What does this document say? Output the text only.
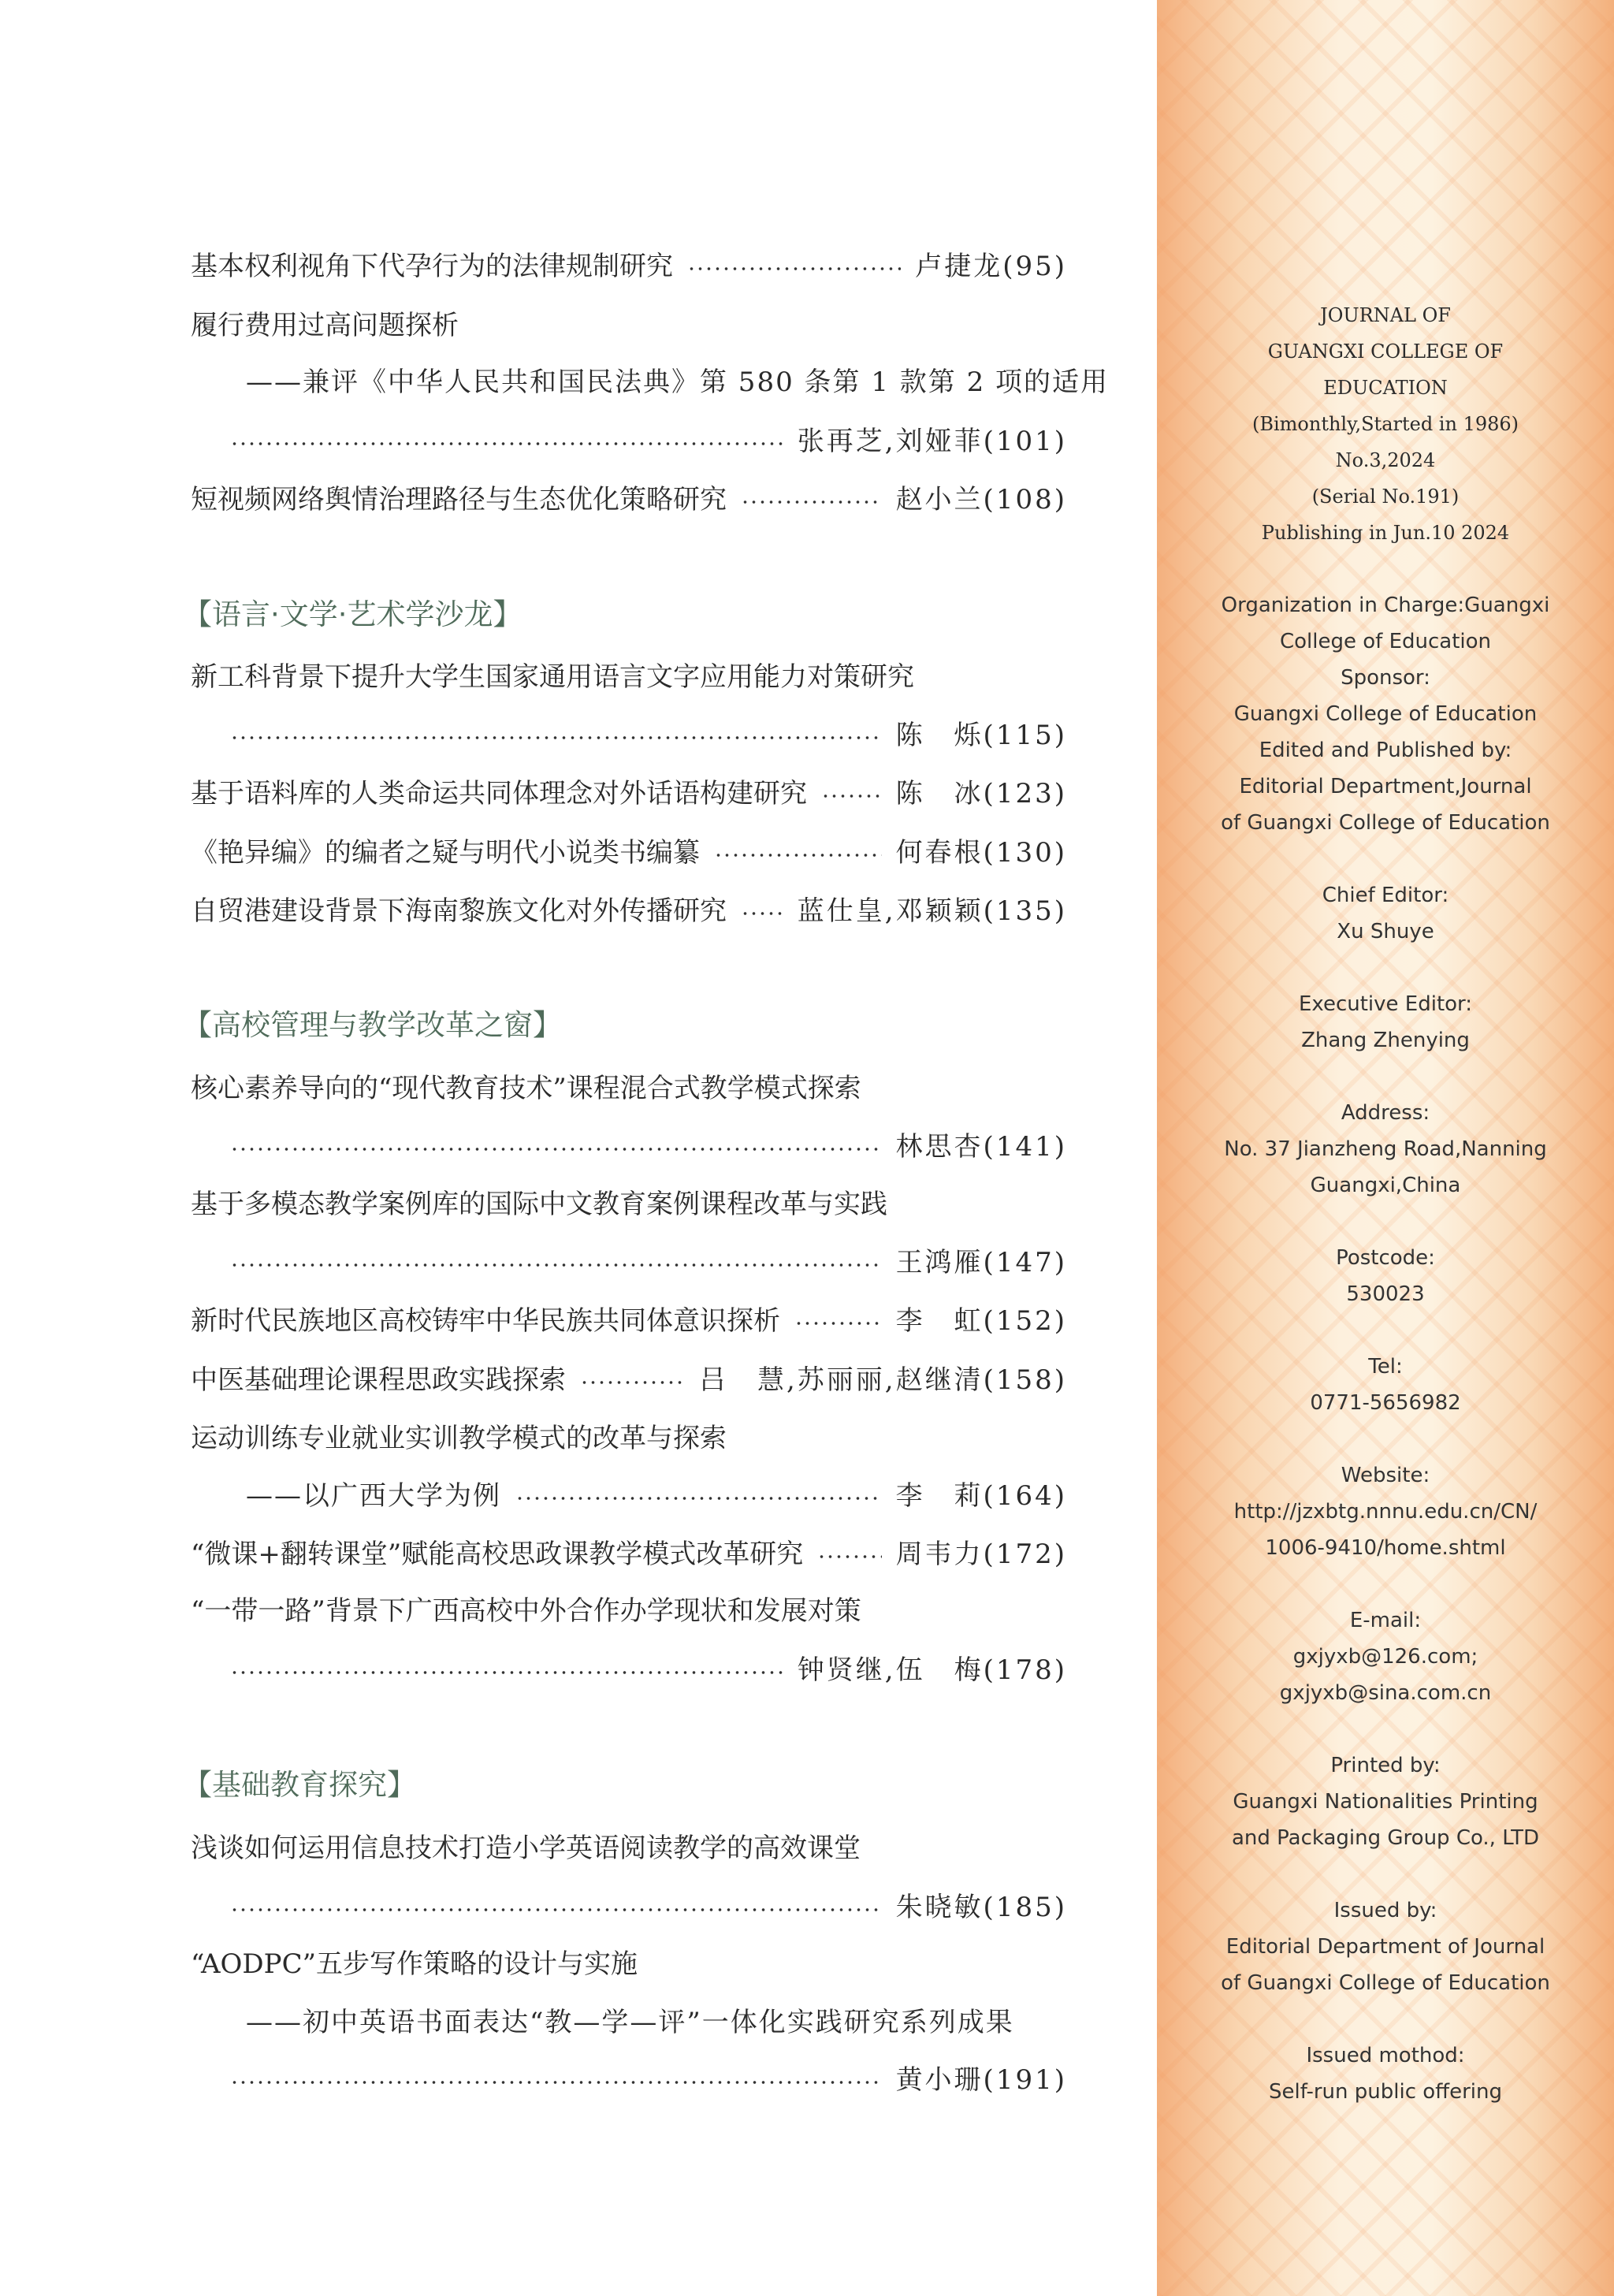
基本权利视角下代孕行为的法律规制研究	卢捷龙(95)
履行费用过高问题探析
——兼评《中华人民共和国民法典》第 580 条第 1 款第 2 项的适用
张再芝,刘娅菲(101)
短视频网络舆情治理路径与生态优化策略研究	赵小兰(108)
【语言·文学·艺术学沙龙】
新工科背景下提升大学生国家通用语言文字应用能力对策研究
陈　烁(115)
基于语料库的人类命运共同体理念对外话语构建研究	陈　冰(123)
《艳异编》的编者之疑与明代小说类书编纂	何春根(130)
自贸港建设背景下海南黎族文化对外传播研究	蓝仕皇,邓颖颖(135)
【高校管理与教学改革之窗】
核心素养导向的“现代教育技术”课程混合式教学模式探索
林思杏(141)
基于多模态教学案例库的国际中文教育案例课程改革与实践
王鸿雁(147)
新时代民族地区高校铸牢中华民族共同体意识探析	李　虹(152)
中医基础理论课程思政实践探索	吕　慧,苏丽丽,赵继清(158)
运动训练专业就业实训教学模式的改革与探索
——以广西大学为例	李　莉(164)
“微课+翻转课堂”赋能高校思政课教学模式改革研究	周韦力(172)
“一带一路”背景下广西高校中外合作办学现状和发展对策
钟贤继,伍　梅(178)
【基础教育探究】
浅谈如何运用信息技术打造小学英语阅读教学的高效课堂
朱晓敏(185)
“AODPC”五步写作策略的设计与实施
——初中英语书面表达“教—学—评”一体化实践研究系列成果
黄小珊(191)
JOURNAL OF
GUANGXI COLLEGE OF
EDUCATION
(Bimonthly,Started in 1986)
No.3,2024
(Serial No.191)
Publishing in Jun.10 2024

Organization in Charge:Guangxi
College of Education
Sponsor:
Guangxi College of Education
Edited and Published by:
Editorial Department,Journal
of Guangxi College of Education

Chief Editor:
Xu Shuye

Executive Editor:
Zhang Zhenying

Address:
No. 37 Jianzheng Road,Nanning
Guangxi,China

Postcode:
530023

Tel:
0771-5656982

Website:
http://jzxbtg.nnnu.edu.cn/CN/
1006-9410/home.shtml

E-mail:
gxjyxb@126.com;
gxjyxb@sina.com.cn

Printed by:
Guangxi Nationalities Printing
and Packaging Group Co., LTD

Issued by:
Editorial Department of Journal
of Guangxi College of Education

Issued mothod:
Self-run public offering
